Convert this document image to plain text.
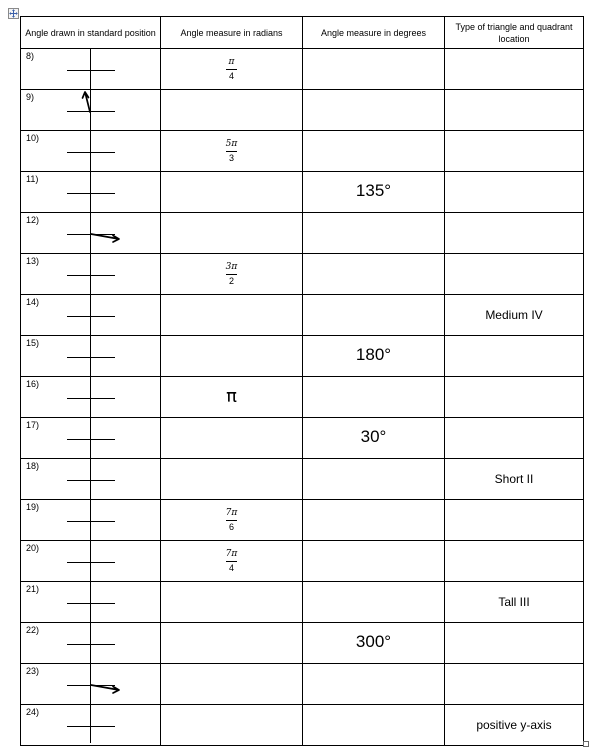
Angle drawn in standard position	Angle measure in radians	Angle measure in degrees	Type of triangle and quadrant location

8)	π
4		

9)			

10)	5π
3		

11)		135°	

12)			

13)	3π
2		

14)			Medium IV

15)		180°	

16)	π		

17)		30°	

18)			Short II

19)	7π
6		

20)	7π
4		

21)			Tall III

22)		300°	

23)			

24)			positive y-axis
